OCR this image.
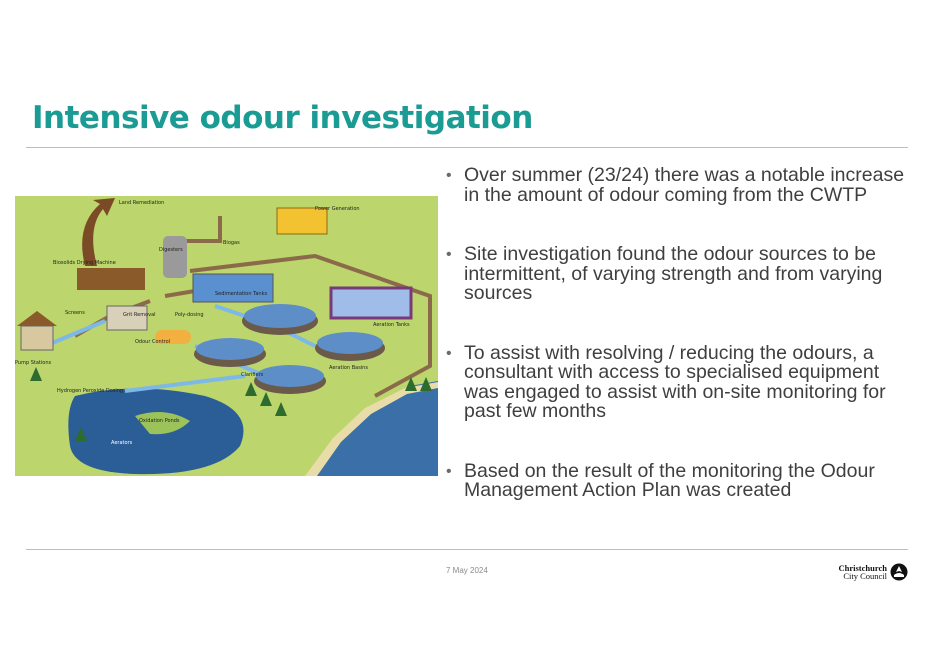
Intensive odour investigation
Land Remediation
Power Generation
Biogas
Digesters
Biosolids Drying Machine
Sedimentation Tanks
Screens	Grit Removal	Poly-dosing
Aeration Tanks
Odour Control
Pump Stations
Aeration Basins
Clarifiers
Hydrogen Peroxide Dosing
Oxidation Ponds
Aerators
• Over summer (23/24) there was a notable increase in the amount of odour coming from the CWTP
• Site investigation found the odour sources to be intermittent, of varying strength and from varying sources
• To assist with resolving / reducing the odours, a consultant with access to specialised equipment was engaged to assist with on-site monitoring for past few months
• Based on the result of the monitoring the Odour Management Action Plan was created
7 May 2024	Christchurch
City Council
